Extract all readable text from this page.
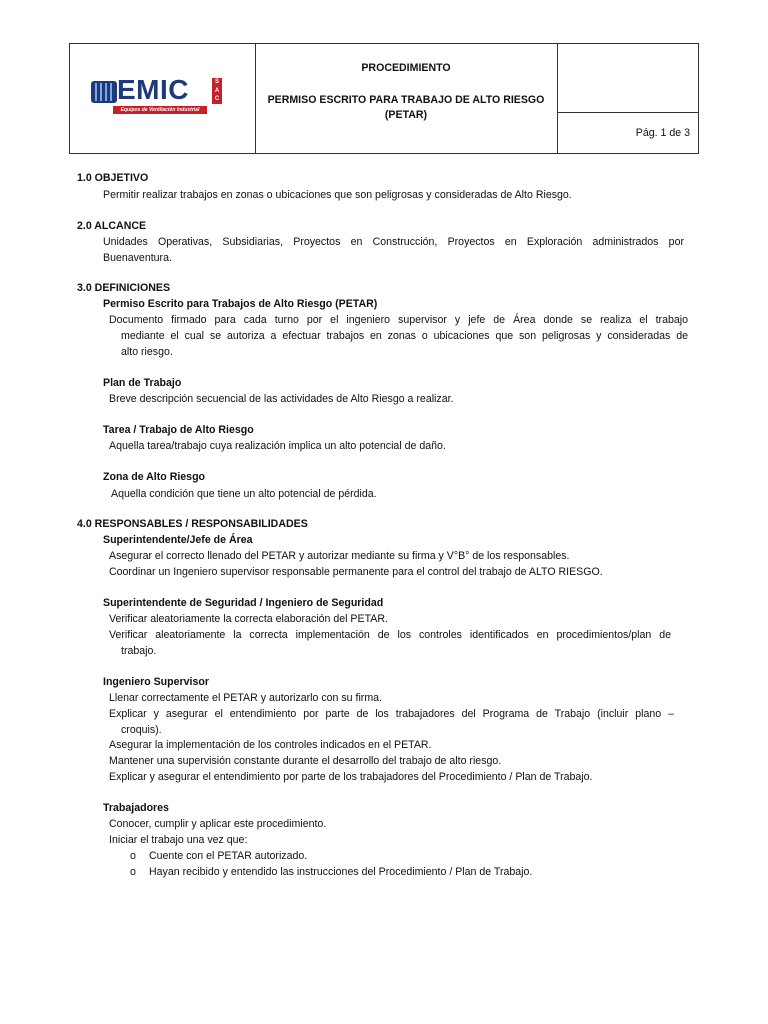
EMIC	S
A
C
Equipos de Ventilación Industrial
PROCEDIMIENTO
PERMISO ESCRITO PARA TRABAJO DE ALTO RIESGO
(PETAR)
Pág. 1 de 3
1.0 OBJETIVO
Permitir realizar trabajos en zonas o ubicaciones que son peligrosas y consideradas de Alto Riesgo.
2.0 ALCANCE
Unidades Operativas, Subsidiarias, Proyectos en Construcción, Proyectos en Exploración administrados por
Buenaventura.
3.0 DEFINICIONES
Permiso Escrito para Trabajos de Alto Riesgo (PETAR)
Documento firmado para cada turno por el ingeniero supervisor y jefe de Área donde se realiza el trabajo
mediante el cual se autoriza a efectuar trabajos en zonas o ubicaciones que son peligrosas y consideradas de
alto riesgo.
Plan de Trabajo
Breve descripción secuencial de las actividades de Alto Riesgo a realizar.
Tarea / Trabajo de Alto Riesgo
Aquella tarea/trabajo cuya realización implica un alto potencial de daño.
Zona de Alto Riesgo
Aquella condición que tiene un alto potencial de pérdida.
4.0 RESPONSABLES / RESPONSABILIDADES
Superintendente/Jefe de Área
Asegurar el correcto llenado del PETAR y autorizar mediante su firma y V°B° de los responsables.
Coordinar un Ingeniero supervisor responsable permanente para el control del trabajo de ALTO RIESGO.
Superintendente de Seguridad / Ingeniero de Seguridad
Verificar aleatoriamente la correcta elaboración del PETAR.
Verificar aleatoriamente la correcta implementación de los controles identificados en procedimientos/plan de
trabajo.
Ingeniero Supervisor
Llenar correctamente el PETAR y autorizarlo con su firma.
Explicar y asegurar el entendimiento por parte de los trabajadores del Programa de Trabajo (incluir plano –
croquis).
Asegurar la implementación de los controles indicados en el PETAR.
Mantener una supervisión constante durante el desarrollo del trabajo de alto riesgo.
Explicar y asegurar el entendimiento por parte de los trabajadores del Procedimiento / Plan de Trabajo.
Trabajadores
Conocer, cumplir y aplicar este procedimiento.
Iniciar el trabajo una vez que:
o Cuente con el PETAR autorizado.
o Hayan recibido y entendido las instrucciones del Procedimiento / Plan de Trabajo.
